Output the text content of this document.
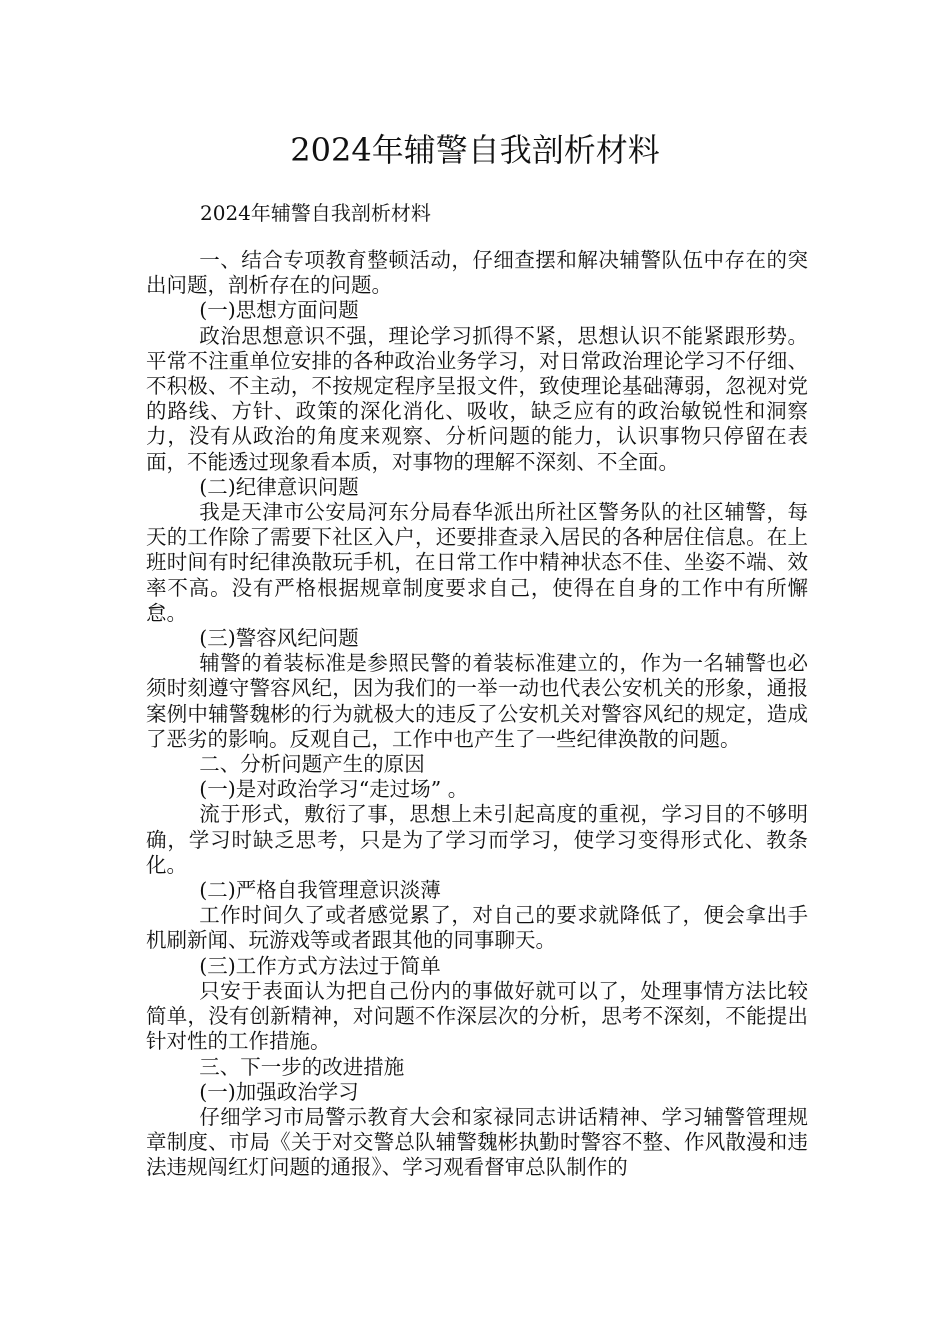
2024年辅警自我剖析材料
2024年辅警自我剖析材料

一、结合专项教育整顿活动，仔细查摆和解决辅警队伍中存在的突出问题，剖析存在的问题。

(一)思想方面问题

政治思想意识不强，理论学习抓得不紧，思想认识不能紧跟形势。平常不注重单位安排的各种政治业务学习，对日常政治理论学习不仔细、不积极、不主动，不按规定程序呈报文件，致使理论基础薄弱，忽视对党的路线、方针、政策的深化消化、吸收，缺乏应有的政治敏锐性和洞察力，没有从政治的角度来观察、分析问题的能力，认识事物只停留在表面，不能透过现象看本质，对事物的理解不深刻、不全面。

(二)纪律意识问题

我是天津市公安局河东分局春华派出所社区警务队的社区辅警，每天的工作除了需要下社区入户，还要排查录入居民的各种居住信息。在上班时间有时纪律涣散玩手机，在日常工作中精神状态不佳、坐姿不端、效率不高。没有严格根据规章制度要求自己，使得在自身的工作中有所懈怠。

(三)警容风纪问题

辅警的着装标准是参照民警的着装标准建立的，作为一名辅警也必须时刻遵守警容风纪，因为我们的一举一动也代表公安机关的形象，通报案例中辅警魏彬的行为就极大的违反了公安机关对警容风纪的规定，造成了恶劣的影响。反观自己，工作中也产生了一些纪律涣散的问题。

二、分析问题产生的原因

(一)是对政治学习“走过场” 。

流于形式，敷衍了事，思想上未引起高度的重视，学习目的不够明确，学习时缺乏思考，只是为了学习而学习，使学习变得形式化、教条化。

(二)严格自我管理意识淡薄

工作时间久了或者感觉累了，对自己的要求就降低了，便会拿出手机刷新闻、玩游戏等或者跟其他的同事聊天。

(三)工作方式方法过于简单

只安于表面认为把自己份内的事做好就可以了，处理事情方法比较简单，没有创新精神，对问题不作深层次的分析，思考不深刻，不能提出针对性的工作措施。

三、下一步的改进措施

(一)加强政治学习

仔细学习市局警示教育大会和家禄同志讲话精神、学习辅警管理规章制度、市局《关于对交警总队辅警魏彬执勤时警容不整、作风散漫和违法违规闯红灯问题的通报》、学习观看督审总队制作的
